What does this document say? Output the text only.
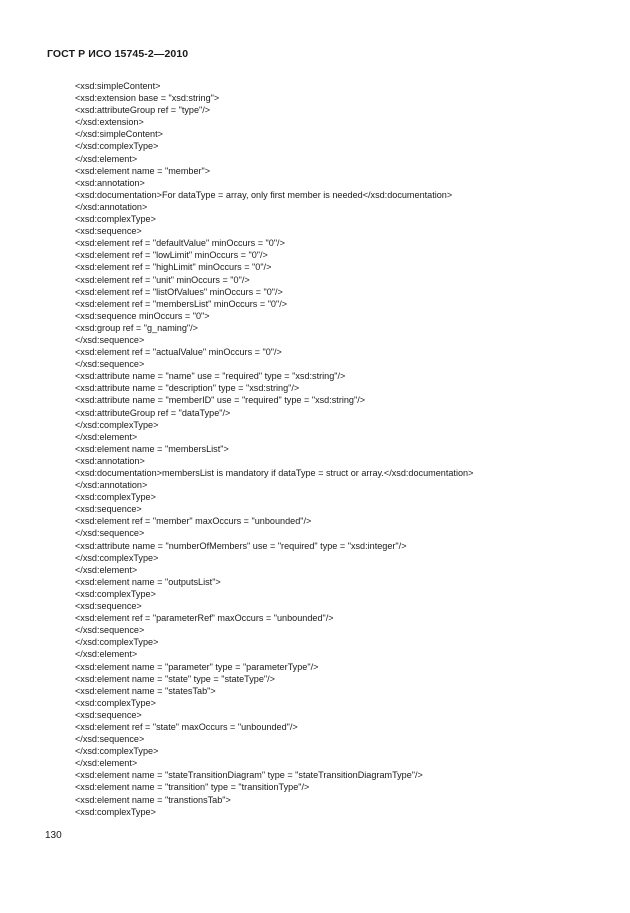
ГОСТ Р ИСО 15745-2—2010
<xsd:simpleContent>
<xsd:extension base = "xsd:string">
<xsd:attributeGroup ref = "type"/>
</xsd:extension>
</xsd:simpleContent>
</xsd:complexType>
</xsd:element>
<xsd:element name = "member">
<xsd:annotation>
<xsd:documentation>For dataType = array, only first member is needed</xsd:documentation>
</xsd:annotation>
<xsd:complexType>
<xsd:sequence>
<xsd:element ref = "defaultValue" minOccurs = "0"/>
<xsd:element ref = "lowLimit" minOccurs = "0"/>
<xsd:element ref = "highLimit" minOccurs = "0"/>
<xsd:element ref = "unit" minOccurs = "0"/>
<xsd:element ref = "listOfValues" minOccurs = "0"/>
<xsd:element ref = "membersList" minOccurs = "0"/>
<xsd:sequence minOccurs = "0">
<xsd:group ref = "g_naming"/>
</xsd:sequence>
<xsd:element ref = "actualValue" minOccurs = "0"/>
</xsd:sequence>
<xsd:attribute name = "name" use = "required" type = "xsd:string"/>
<xsd:attribute name = "description" type = "xsd:string"/>
<xsd:attribute name = "memberID" use = "required" type = "xsd:string"/>
<xsd:attributeGroup ref = "dataType"/>
</xsd:complexType>
</xsd:element>
<xsd:element name = "membersList">
<xsd:annotation>
<xsd:documentation>membersList is mandatory if dataType = struct or array.</xsd:documentation>
</xsd:annotation>
<xsd:complexType>
<xsd:sequence>
<xsd:element ref = "member" maxOccurs = "unbounded"/>
</xsd:sequence>
<xsd:attribute name = "numberOfMembers" use = "required" type = "xsd:integer"/>
</xsd:complexType>
</xsd:element>
<xsd:element name = "outputsList">
<xsd:complexType>
<xsd:sequence>
<xsd:element ref = "parameterRef" maxOccurs = "unbounded"/>
</xsd:sequence>
</xsd:complexType>
</xsd:element>
<xsd:element name = "parameter" type = "parameterType"/>
<xsd:element name = "state" type = "stateType"/>
<xsd:element name = "statesTab">
<xsd:complexType>
<xsd:sequence>
<xsd:element ref = "state" maxOccurs = "unbounded"/>
</xsd:sequence>
</xsd:complexType>
</xsd:element>
<xsd:element name = "stateTransitionDiagram" type = "stateTransitionDiagramType"/>
<xsd:element name = "transition" type = "transitionType"/>
<xsd:element name = "transtionsTab">
<xsd:complexType>
130
